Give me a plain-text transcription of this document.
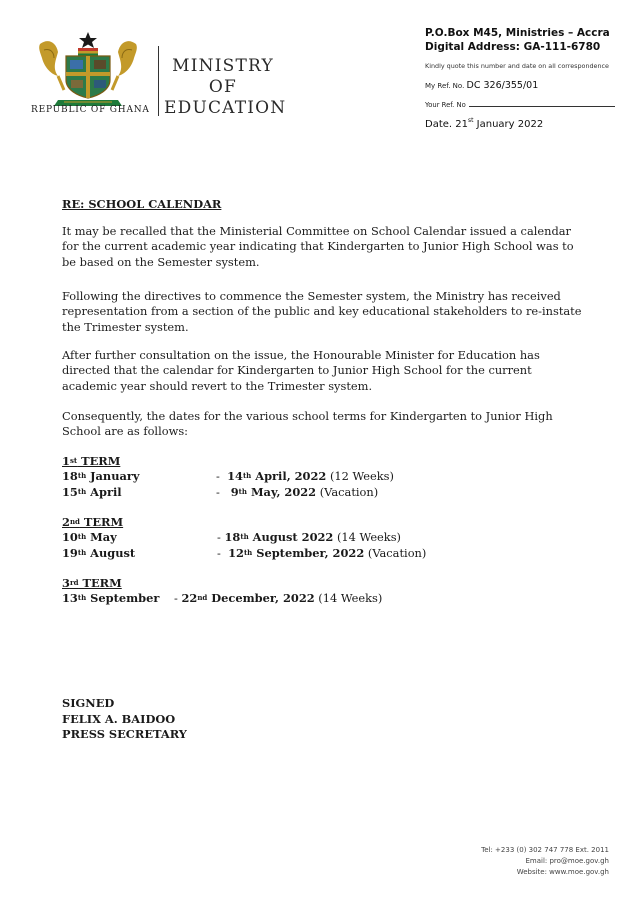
REPUBLIC OF GHANA
MINISTRY
OF
EDUCATION
P.O.Box M45, Ministries – Accra
Digital Address: GA-111-6780
Kindly quote this number and date on all correspondence
My Ref. No. DC 326/355/01
Your Ref. No
Date. 21st January 2022
RE: SCHOOL CALENDAR
It may be recalled that the Ministerial Committee on School Calendar issued a calendar for the current academic year indicating that Kindergarten to Junior High School was to be based on the Semester system.
Following the directives to commence the Semester system, the Ministry has received representation from a section of the public and key educational stakeholders to re-instate the Trimester system.
After further consultation on the issue, the Honourable Minister for Education has directed that the calendar for Kindergarten to Junior High School for the current academic year should revert to the Trimester system.
Consequently, the dates for the various school terms for Kindergarten to Junior High School are as follows:
1st TERM
18th January	-  14th April, 2022 (12 Weeks)
15th April	-   9th May, 2022 (Vacation)
2nd TERM
10th May	- 18th August 2022 (14 Weeks)
19th August	-  12th September, 2022 (Vacation)
3rd TERM
13th September - 22nd December, 2022 (14 Weeks)
SIGNED
FELIX A. BAIDOO
PRESS SECRETARY
Tel: +233 (0) 302 747 778 Ext. 2011
Email: pro@moe.gov.gh
Website: www.moe.gov.gh
